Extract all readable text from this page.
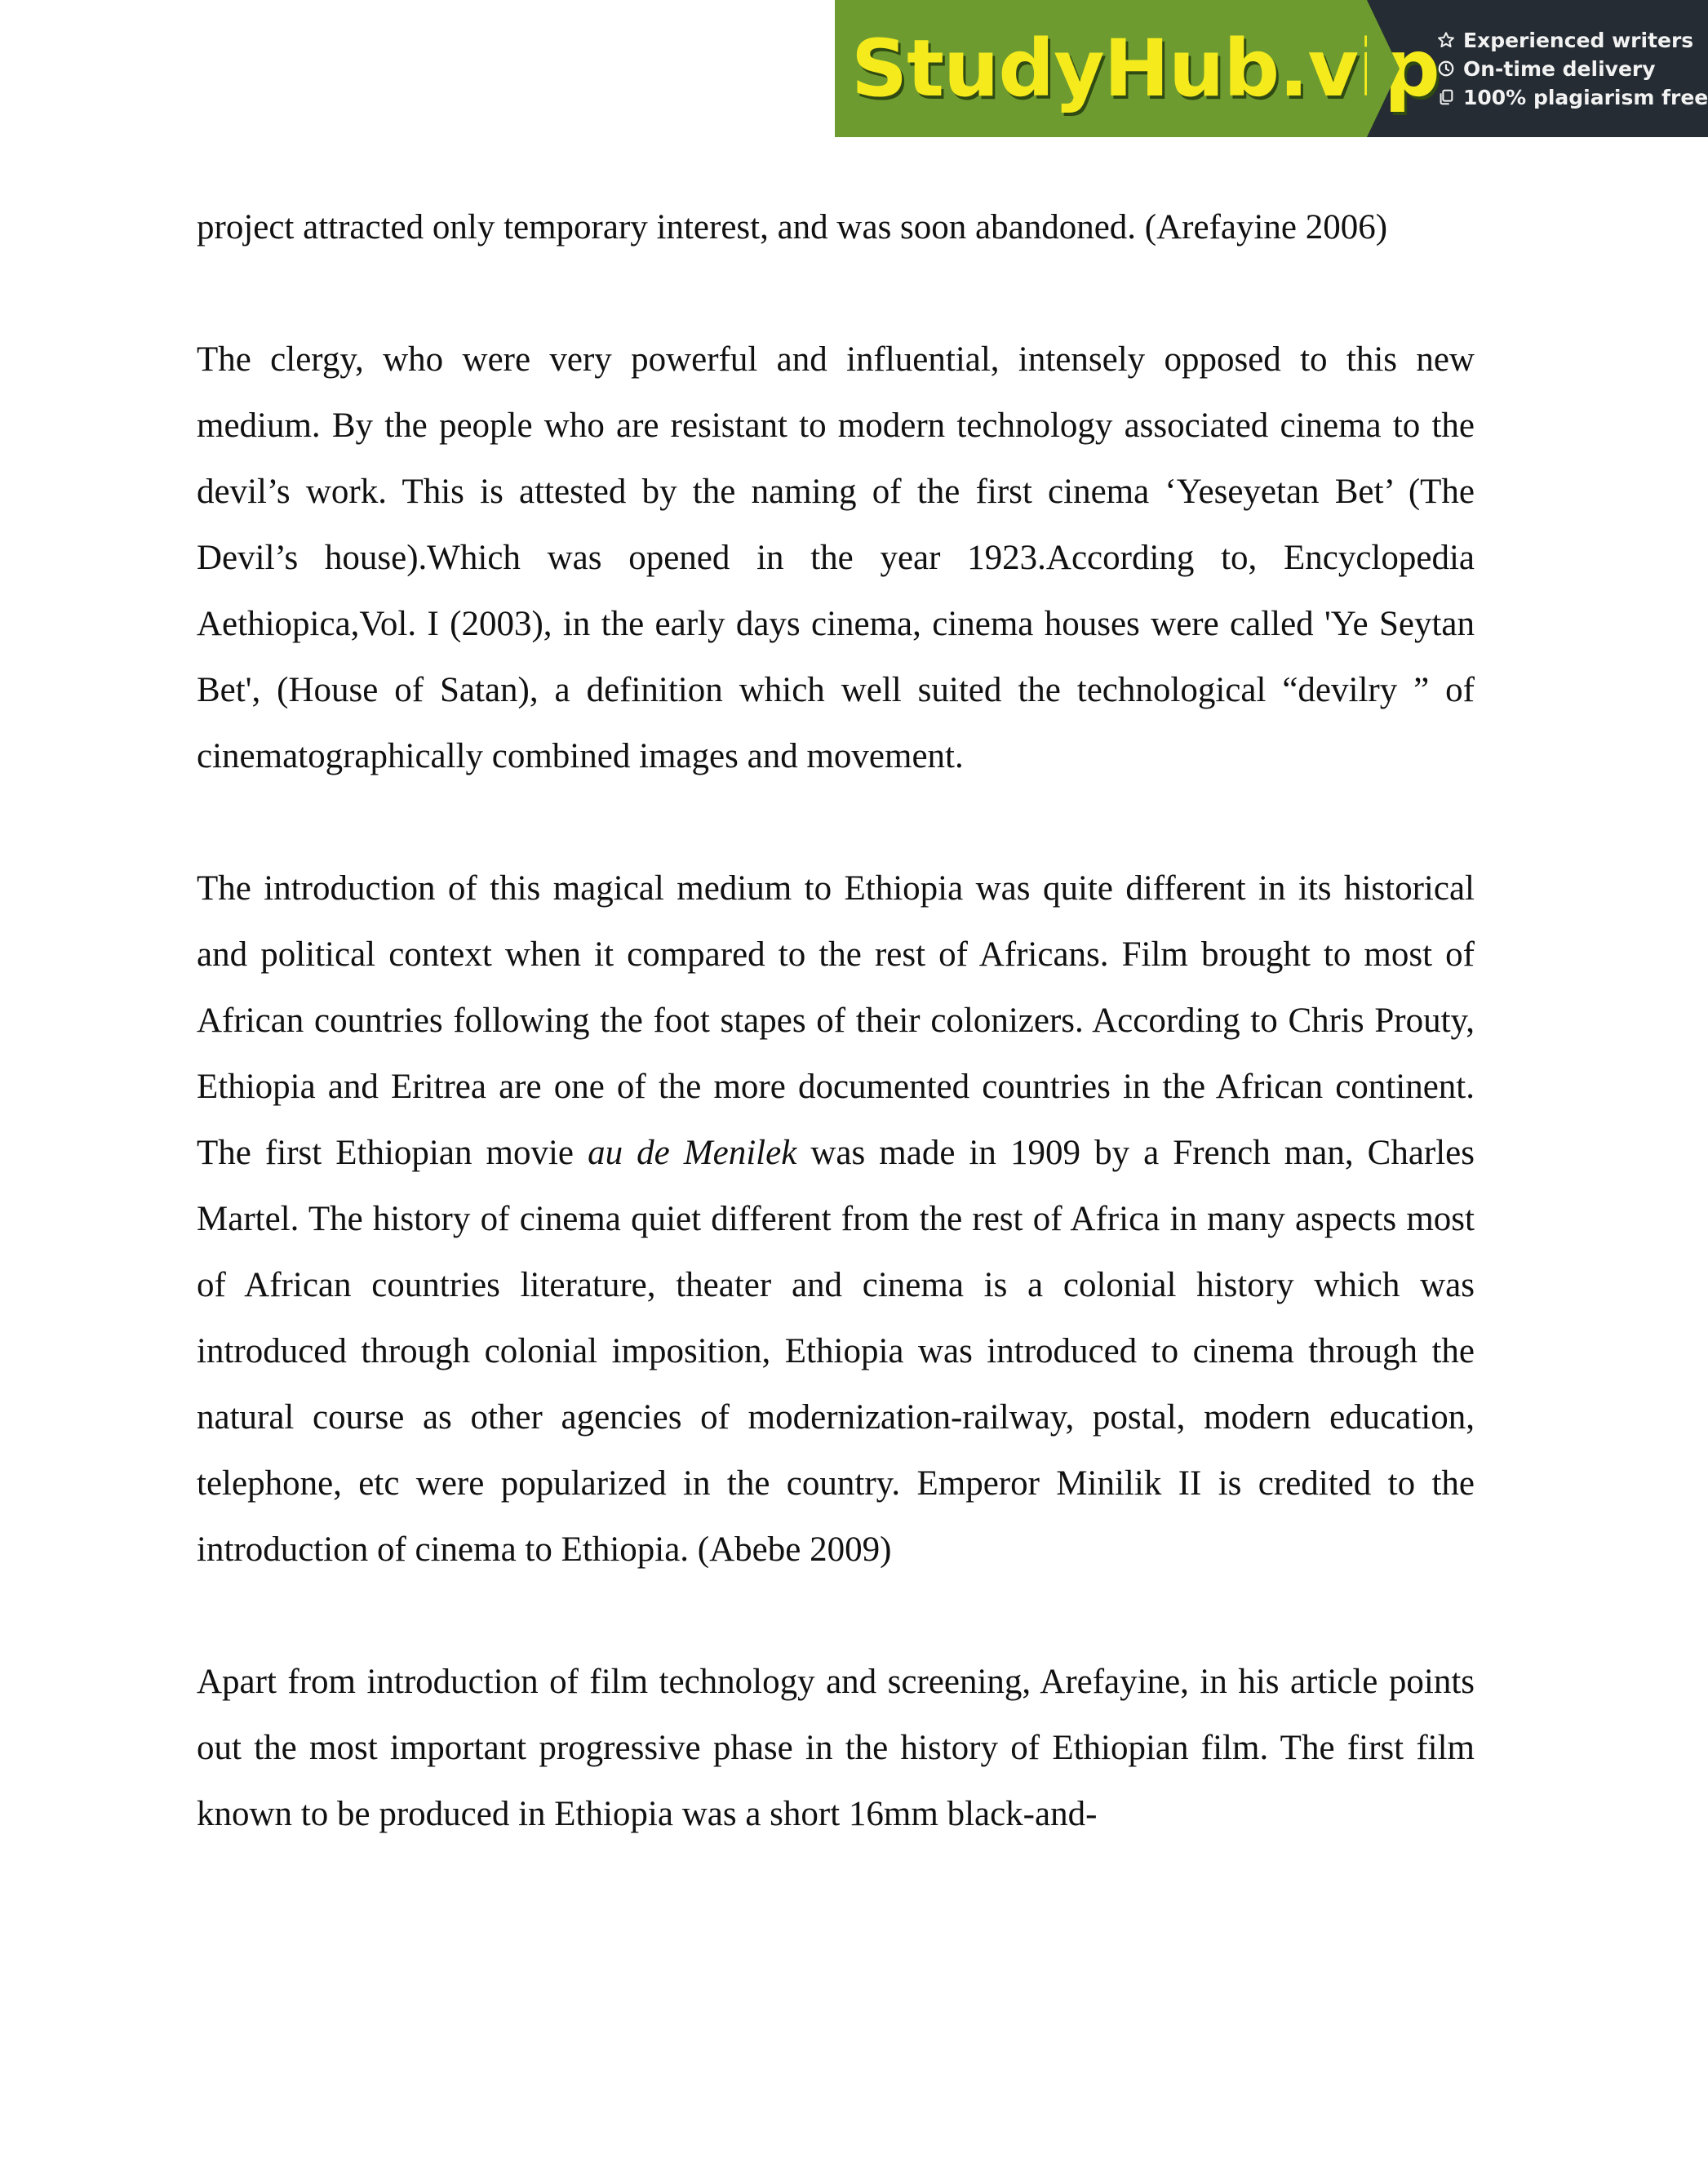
StudyHub.vip Experienced writers
On-time delivery
100% plagiarism free

project attracted only temporary interest, and was soon abandoned. (Arefayine 2006)

The clergy, who were very powerful and influential, intensely opposed to this new medium. By the people who are resistant to modern technology associated cinema to the devil’s work. This is attested by the naming of the first cinema ‘Yeseyetan Bet’ (The Devil’s house).Which was opened in the year 1923.According to, Encyclopedia Aethiopica,Vol. I (2003), in the early days cinema, cinema houses were called 'Ye Seytan Bet', (House of Satan), a definition which well suited the technological “devilry ” of cinematographically combined images and movement.

The introduction of this magical medium to Ethiopia was quite different in its historical and political context when it compared to the rest of Africans. Film brought to most of African countries following the foot stapes of their colonizers. According to Chris Prouty, Ethiopia and Eritrea are one of the more documented countries in the African continent. The first Ethiopian movie au de Menilek was made in 1909 by a French man, Charles Martel. The history of cinema quiet different from the rest of Africa in many aspects most of African countries literature, theater and cinema is a colonial history which was introduced through colonial imposition, Ethiopia was introduced to cinema through the natural course as other agencies of modernization-railway, postal, modern education, telephone, etc were popularized in the country. Emperor Minilik II is credited to the introduction of cinema to Ethiopia. (Abebe 2009)

Apart from introduction of film technology and screening, Arefayine, in his article points out the most important progressive phase in the history of Ethiopian film. The first film known to be produced in Ethiopia was a short 16mm black-and-
